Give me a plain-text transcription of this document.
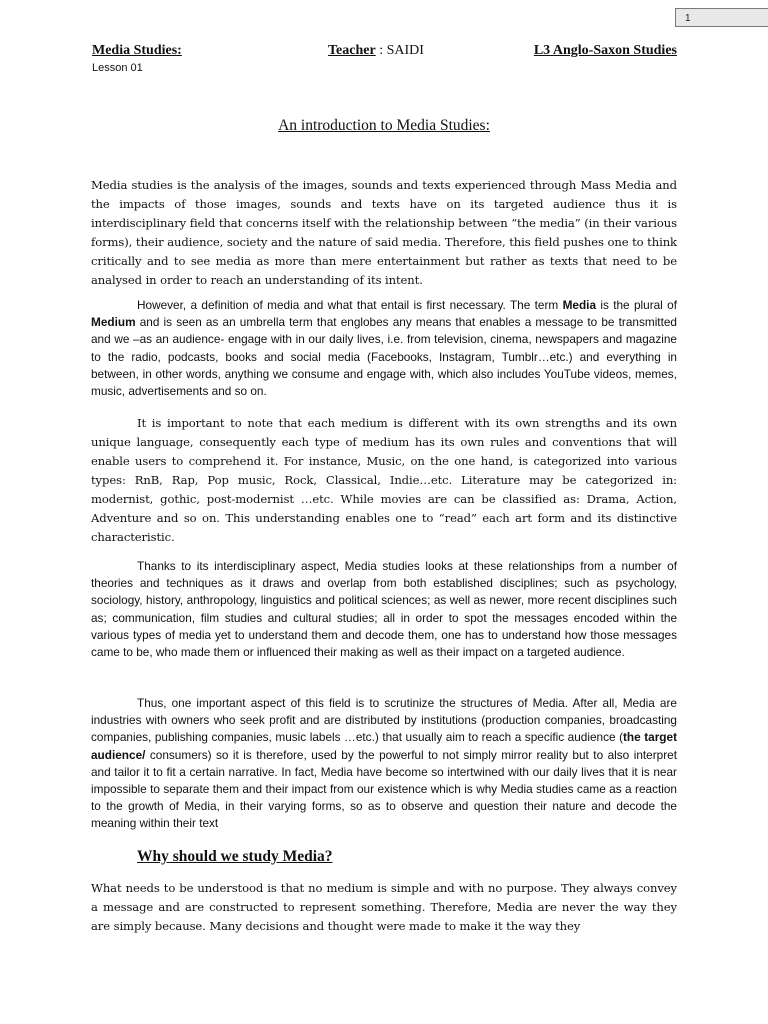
1
Media Studies:	Teacher : SAIDI	L3 Anglo-Saxon Studies
Lesson 01
An introduction to Media Studies:

Media studies is the analysis of the images, sounds and texts experienced through Mass Media and the impacts of those images, sounds and texts have on its targeted audience thus it is interdisciplinary field that concerns itself with the relationship between “the media” (in their various forms), their audience, society and the nature of said media. Therefore, this field pushes one to think critically and to see media as more than mere entertainment but rather as texts that need to be analysed in order to reach an understanding of its intent.

However, a definition of media and what that entail is first necessary. The term Media is the plural of Medium and is seen as an umbrella term that englobes any means that enables a message to be transmitted and we –as an audience- engage with in our daily lives, i.e. from television, cinema, newspapers and magazine to the radio, podcasts, books and social media (Facebooks, Instagram, Tumblr…etc.) and everything in between, in other words, anything we consume and engage with, which also includes YouTube videos, memes, music, advertisements and so on.

It is important to note that each medium is different with its own strengths and its own unique language, consequently each type of medium has its own rules and conventions that will enable users to comprehend it. For instance, Music, on the one hand, is categorized into various types: RnB, Rap, Pop music, Rock, Classical, Indie…etc. Literature may be categorized in: modernist, gothic, post-modernist …etc. While movies are can be classified as: Drama, Action, Adventure and so on. This understanding enables one to “read” each art form and its distinctive characteristic.

Thanks to its interdisciplinary aspect, Media studies looks at these relationships from a number of theories and techniques as it draws and overlap from both established disciplines; such as psychology, sociology, history, anthropology, linguistics and political sciences; as well as newer, more recent disciplines such as; communication, film studies and cultural studies; all in order to spot the messages encoded within the various types of media yet to understand them and decode them, one has to understand how those messages came to be, who made them or influenced their making as well as their impact on a targeted audience.

Thus, one important aspect of this field is to scrutinize the structures of Media. After all, Media are industries with owners who seek profit and are distributed by institutions (production companies, broadcasting companies, publishing companies, music labels …etc.) that usually aim to reach a specific audience (the target audience/ consumers) so it is therefore, used by the powerful to not simply mirror reality but to also interpret and tailor it to fit a certain narrative. In fact, Media have become so intertwined with our daily lives that it is near impossible to separate them and their impact from our existence which is why Media studies came as a reaction to the growth of Media, in their varying forms, so as to observe and question their nature and decode the meaning within their text

Why should we study Media?

What needs to be understood is that no medium is simple and with no purpose. They always convey a message and are constructed to represent something. Therefore, Media are never the way they are simply because. Many decisions and thought were made to make it the way they
